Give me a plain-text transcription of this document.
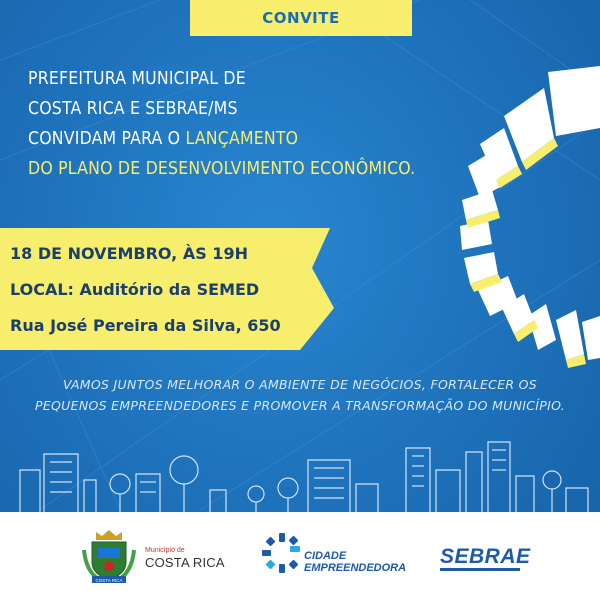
CONVITE
PREFEITURA MUNICIPAL DE
COSTA RICA E SEBRAE/MS
CONVIDAM PARA O LANÇAMENTO
DO PLANO DE DESENVOLVIMENTO ECONÔMICO.
18 DE NOVEMBRO, ÀS 19H
LOCAL: Auditório da SEMED
Rua José Pereira da Silva, 650
VAMOS JUNTOS MELHORAR O AMBIENTE DE NEGÓCIOS, FORTALECER OS
PEQUENOS EMPREENDEDORES E PROMOVER A TRANSFORMAÇÃO DO MUNICÍPIO.
COSTA RICA
Município de
COSTA RICA	CIDADE
EMPREENDEDORA SEBRAE
